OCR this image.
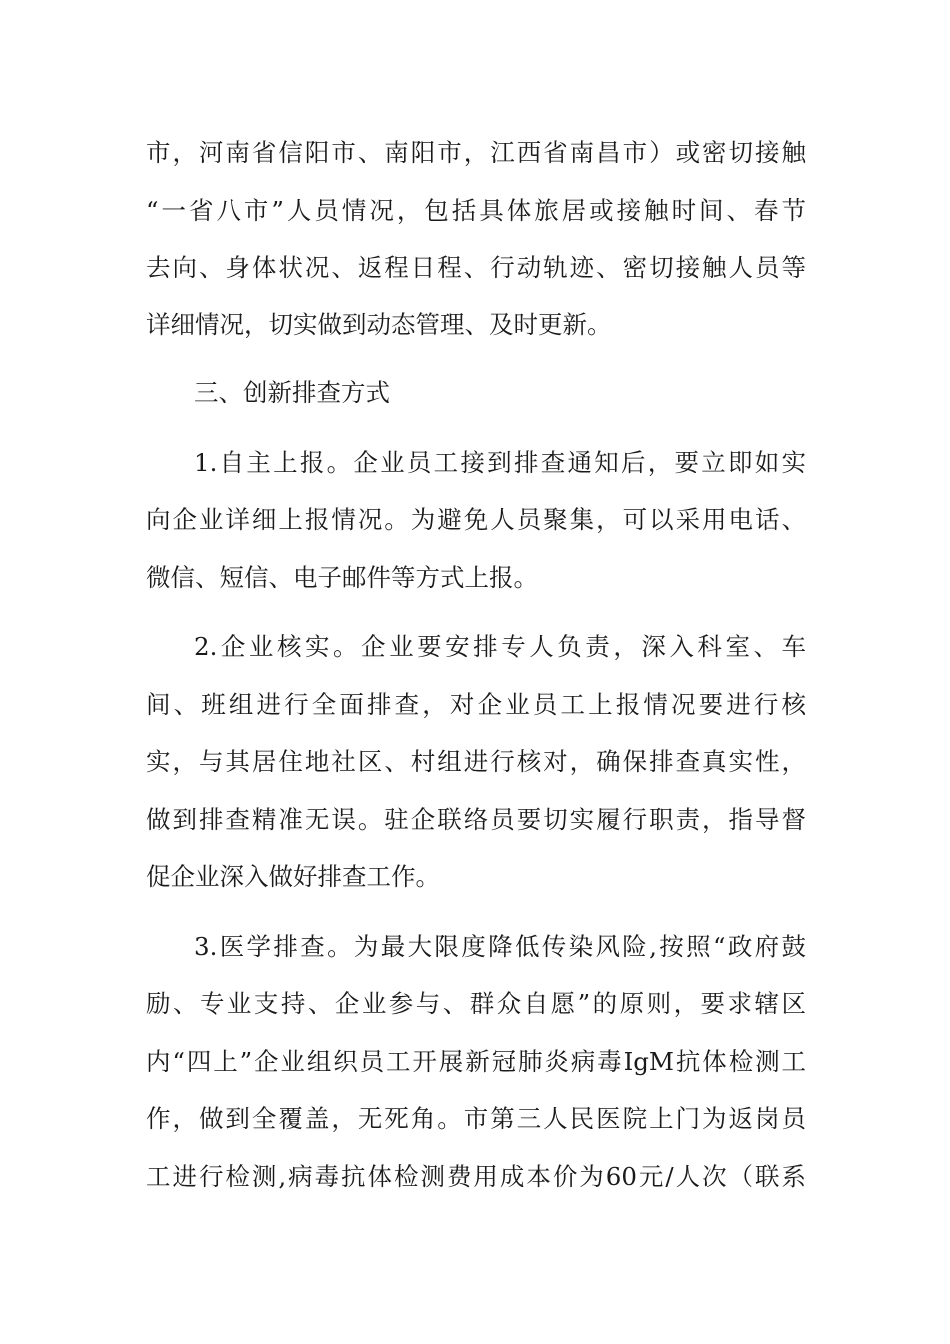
市，河南省信阳市、南阳市，江西省南昌市）或密切接触
“一省八市”人员情况，包括具体旅居或接触时间、春节
去向、身体状况、返程日程、行动轨迹、密切接触人员等
详细情况，切实做到动态管理、及时更新。
三、创新排查方式
1.自主上报。企业员工接到排查通知后，要立即如实
向企业详细上报情况。为避免人员聚集，可以采用电话、
微信、短信、电子邮件等方式上报。
2.企业核实。企业要安排专人负责，深入科室、车
间、班组进行全面排查，对企业员工上报情况要进行核
实，与其居住地社区、村组进行核对，确保排查真实性，
做到排查精准无误。驻企联络员要切实履行职责，指导督
促企业深入做好排查工作。
3.医学排查。为最大限度降低传染风险,按照“政府鼓
励、专业支持、企业参与、群众自愿”的原则，要求辖区
内“四上”企业组织员工开展新冠肺炎病毒IgM抗体检测工
作，做到全覆盖，无死角。市第三人民医院上门为返岗员
工进行检测,病毒抗体检测费用成本价为60元/人次（联系
